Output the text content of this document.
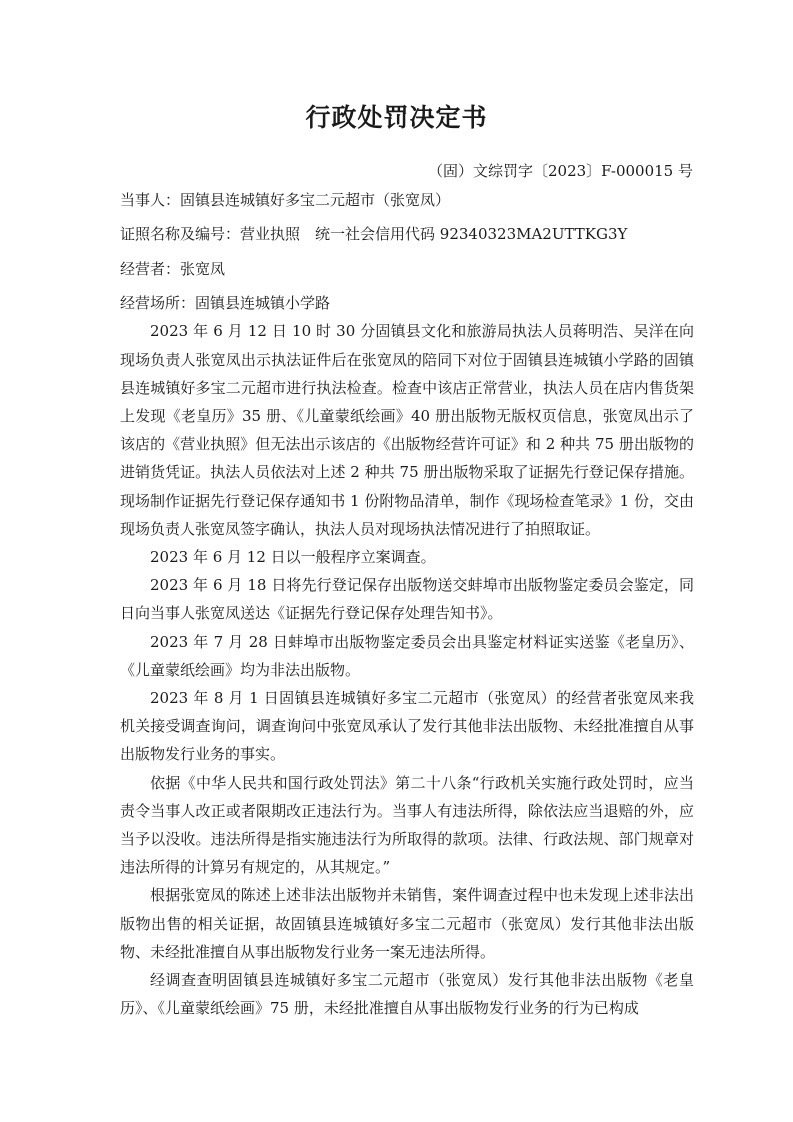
行政处罚决定书

（固）文综罚字〔2023〕F-000015 号

当事人：固镇县连城镇好多宝二元超市（张宽凤）

证照名称及编号：营业执照　统一社会信用代码 92340323MA2UTTKG3Y

经营者：张宽凤

经营场所：固镇县连城镇小学路

2023 年 6 月 12 日 10 时 30 分固镇县文化和旅游局执法人员蒋明浩、吴洋在向现场负责人张宽凤出示执法证件后在张宽凤的陪同下对位于固镇县连城镇小学路的固镇县连城镇好多宝二元超市进行执法检查。检查中该店正常营业，执法人员在店内售货架上发现《老皇历》35 册、《儿童蒙纸绘画》40 册出版物无版权页信息，张宽凤出示了该店的《营业执照》但无法出示该店的《出版物经营许可证》和 2 种共 75 册出版物的进销货凭证。执法人员依法对上述 2 种共 75 册出版物采取了证据先行登记保存措施。现场制作证据先行登记保存通知书 1 份附物品清单，制作《现场检查笔录》1 份，交由现场负责人张宽凤签字确认，执法人员对现场执法情况进行了拍照取证。

2023 年 6 月 12 日以一般程序立案调查。

2023 年 6 月 18 日将先行登记保存出版物送交蚌埠市出版物鉴定委员会鉴定，同日向当事人张宽凤送达《证据先行登记保存处理告知书》。

2023 年 7 月 28 日蚌埠市出版物鉴定委员会出具鉴定材料证实送鉴《老皇历》、《儿童蒙纸绘画》均为非法出版物。

2023 年 8 月 1 日固镇县连城镇好多宝二元超市（张宽凤）的经营者张宽凤来我机关接受调查询问，调查询问中张宽凤承认了发行其他非法出版物、未经批准擅自从事出版物发行业务的事实。

依据《中华人民共和国行政处罚法》第二十八条“行政机关实施行政处罚时，应当责令当事人改正或者限期改正违法行为。当事人有违法所得，除依法应当退赔的外，应当予以没收。违法所得是指实施违法行为所取得的款项。法律、行政法规、部门规章对违法所得的计算另有规定的，从其规定。”

根据张宽凤的陈述上述非法出版物并未销售，案件调查过程中也未发现上述非法出版物出售的相关证据，故固镇县连城镇好多宝二元超市（张宽凤）发行其他非法出版物、未经批准擅自从事出版物发行业务一案无违法所得。

经调查查明固镇县连城镇好多宝二元超市（张宽凤）发行其他非法出版物《老皇历》、《儿童蒙纸绘画》75 册，未经批准擅自从事出版物发行业务的行为已构成
